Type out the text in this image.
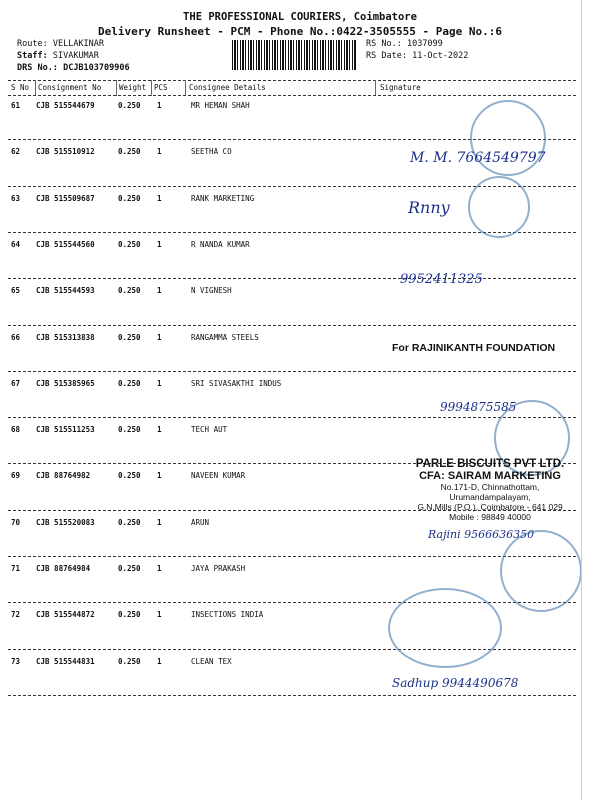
THE PROFESSIONAL COURIERS, Coimbatore
Delivery Runsheet - PCM - Phone No.:0422-3505555 - Page No.:6
Route: VELLAKINAR
Staff: SIVAKUMAR
DRS No.: DCJB103709906
RS No.: 1037099
RS Date: 11-Oct-2022
S No Consignment No Weight PCS	Consignee Details	Signature
61 CJB 515544679	0.250 1	MR HEMAN SHAH
62 CJB 515510912	0.250 1	SEETHA CO
63 CJB 515509687	0.250 1	RANK MARKETING
64 CJB 515544560	0.250 1	R NANDA KUMAR
65 CJB 515544593	0.250 1	N VIGNESH
66 CJB 515313838	0.250 1	RANGAMMA STEELS
67 CJB 515385965	0.250 1	SRI SIVASAKTHI INDUS
68 CJB 515511253	0.250 1	TECH AUT
69 CJB 88764982	0.250 1	NAVEEN KUMAR
70 CJB 515520083	0.250 1	ARUN
71 CJB 88764984	0.250 1	JAYA PRAKASH
72 CJB 515544872	0.250 1	INSECTIONS INDIA
73 CJB 515544831	0.250 1	CLEAN TEX
M. M. 7664549797
Rnny
9952411325
For RAJINIKANTH FOUNDATION
9994875585
PARLE BISCUITS PVT LTD.
CFA: SAIRAM MARKETING
No.171-D, Chinnathottam,
Urumandampalayam,
G.N.Mills (P.O.), Coimbatore - 641 029
Mobile : 98849 40000
Rajini 9566636350
Sadhup 9944490678
